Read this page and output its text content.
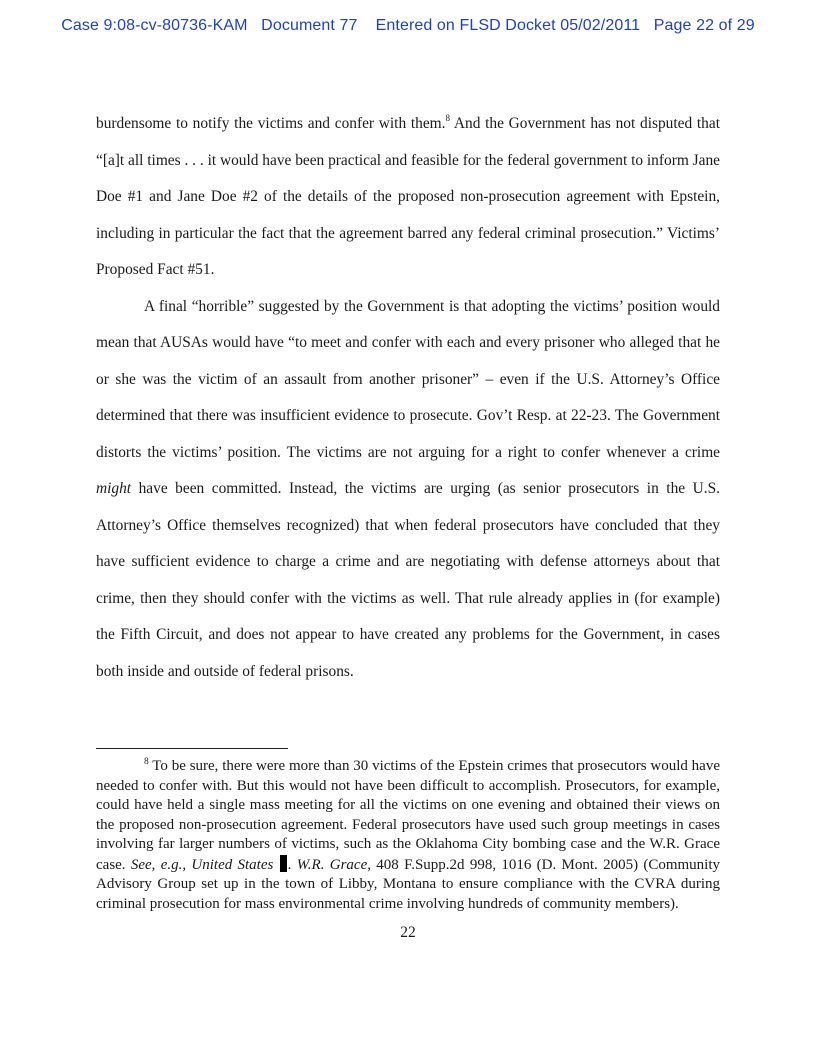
Case 9:08-cv-80736-KAM   Document 77    Entered on FLSD Docket 05/02/2011   Page 22 of 29

burdensome to notify the victims and confer with them.$^8$ And the Government has not disputed that “[a]t all times . . . it would have been practical and feasible for the federal government to inform Jane Doe #1 and Jane Doe #2 of the details of the proposed non-prosecution agreement with Epstein, including in particular the fact that the agreement barred any federal criminal prosecution.” Victims’ Proposed Fact #51.

A final “horrible” suggested by the Government is that adopting the victims’ position would mean that AUSAs would have “to meet and confer with each and every prisoner who alleged that he or she was the victim of an assault from another prisoner” – even if the U.S. Attorney’s Office determined that there was insufficient evidence to prosecute. Gov’t Resp. at 22-23. The Government distorts the victims’ position. The victims are not arguing for a right to confer whenever a crime might have been committed. Instead, the victims are urging (as senior prosecutors in the U.S. Attorney’s Office themselves recognized) that when federal prosecutors have concluded that they have sufficient evidence to charge a crime and are negotiating with defense attorneys about that crime, then they should confer with the victims as well. That rule already applies in (for example) the Fifth Circuit, and does not appear to have created any problems for the Government, in cases both inside and outside of federal prisons.

$^8$ To be sure, there were more than 30 victims of the Epstein crimes that prosecutors would have needed to confer with. But this would not have been difficult to accomplish. Prosecutors, for example, could have held a single mass meeting for all the victims on one evening and obtained their views on the proposed non-prosecution agreement. Federal prosecutors have used such group meetings in cases involving far larger numbers of victims, such as the Oklahoma City bombing case and the W.R. Grace case. See, e.g., United States . W.R. Grace, 408 F.Supp.2d 998, 1016 (D. Mont. 2005) (Community Advisory Group set up in the town of Libby, Montana to ensure compliance with the CVRA during criminal prosecution for mass environmental crime involving hundreds of community members).
22
